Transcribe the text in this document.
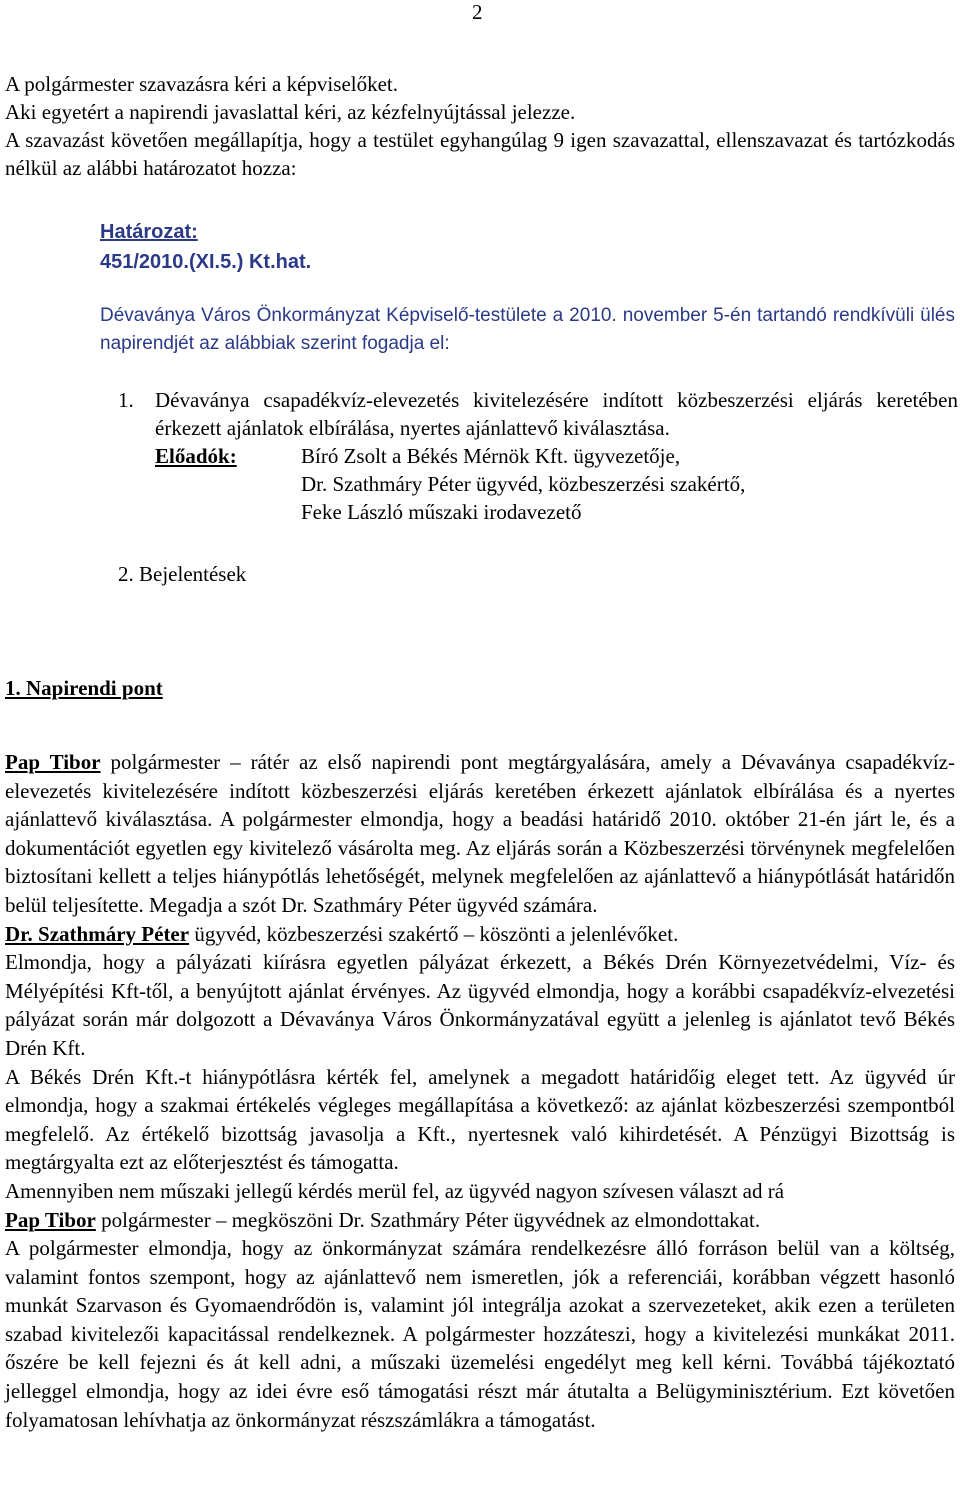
2

A polgármester szavazásra kéri a képviselőket.

Aki egyetért a napirendi javaslattal kéri, az kézfelnyújtással jelezze.

A szavazást követően megállapítja, hogy a testület egyhangúlag 9 igen szavazattal, ellenszavazat és tartózkodás nélkül az alábbi határozatot hozza:

Határozat:
451/2010.(XI.5.) Kt.hat.

Dévaványa Város Önkormányzat Képviselő-testülete a 2010. november 5-én tartandó rendkívüli ülés napirendjét az alábbiak szerint fogadja el:

1. Dévaványa csapadékvíz-elevezetés kivitelezésére indított közbeszerzési eljárás keretében érkezett ajánlatok elbírálása, nyertes ajánlattevő kiválasztása.

Előadók:	Bíró Zsolt a Békés Mérnök Kft. ügyvezetője,
Dr. Szathmáry Péter ügyvéd, közbeszerzési szakértő,
Feke László műszaki irodavezető
2. Bejelentések
1. Napirendi pont

Pap Tibor polgármester – rátér az első napirendi pont megtárgyalására, amely a Dévaványa csapadékvíz-elevezetés kivitelezésére indított közbeszerzési eljárás keretében érkezett ajánlatok elbírálása és a nyertes ajánlattevő kiválasztása. A polgármester elmondja, hogy a beadási határidő 2010. október 21-én járt le, és a dokumentációt egyetlen egy kivitelező vásárolta meg. Az eljárás során a Közbeszerzési törvénynek megfelelően biztosítani kellett a teljes hiánypótlás lehetőségét, melynek megfelelően az ajánlattevő a hiánypótlását határidőn belül teljesítette. Megadja a szót Dr. Szathmáry Péter ügyvéd számára.

Dr. Szathmáry Péter ügyvéd, közbeszerzési szakértő – köszönti a jelenlévőket.

Elmondja, hogy a pályázati kiírásra egyetlen pályázat érkezett, a Békés Drén Környezetvédelmi, Víz- és Mélyépítési Kft-től, a benyújtott ajánlat érvényes. Az ügyvéd elmondja, hogy a korábbi csapadékvíz-elvezetési pályázat során már dolgozott a Dévaványa Város Önkormányzatával együtt a jelenleg is ajánlatot tevő Békés Drén Kft.

A Békés Drén Kft.-t hiánypótlásra kérték fel, amelynek a megadott határidőig eleget tett. Az ügyvéd úr elmondja, hogy a szakmai értékelés végleges megállapítása a következő: az ajánlat közbeszerzési szempontból megfelelő. Az értékelő bizottság javasolja a Kft., nyertesnek való kihirdetését. A Pénzügyi Bizottság is megtárgyalta ezt az előterjesztést és támogatta.

Amennyiben nem műszaki jellegű kérdés merül fel, az ügyvéd nagyon szívesen választ ad rá

Pap Tibor polgármester – megköszöni Dr. Szathmáry Péter ügyvédnek az elmondottakat.

A polgármester elmondja, hogy az önkormányzat számára rendelkezésre álló forráson belül van a költség, valamint fontos szempont, hogy az ajánlattevő nem ismeretlen, jók a referenciái, korábban végzett hasonló munkát Szarvason és Gyomaendrődön is, valamint jól integrálja azokat a szervezeteket, akik ezen a területen szabad kivitelezői kapacitással rendelkeznek. A polgármester hozzáteszi, hogy a kivitelezési munkákat 2011. őszére be kell fejezni és át kell adni, a műszaki üzemelési engedélyt meg kell kérni. Továbbá tájékoztató jelleggel elmondja, hogy az idei évre eső támogatási részt már átutalta a Belügyminisztérium. Ezt követően folyamatosan lehívhatja az önkormányzat részszámlákra a támogatást.
